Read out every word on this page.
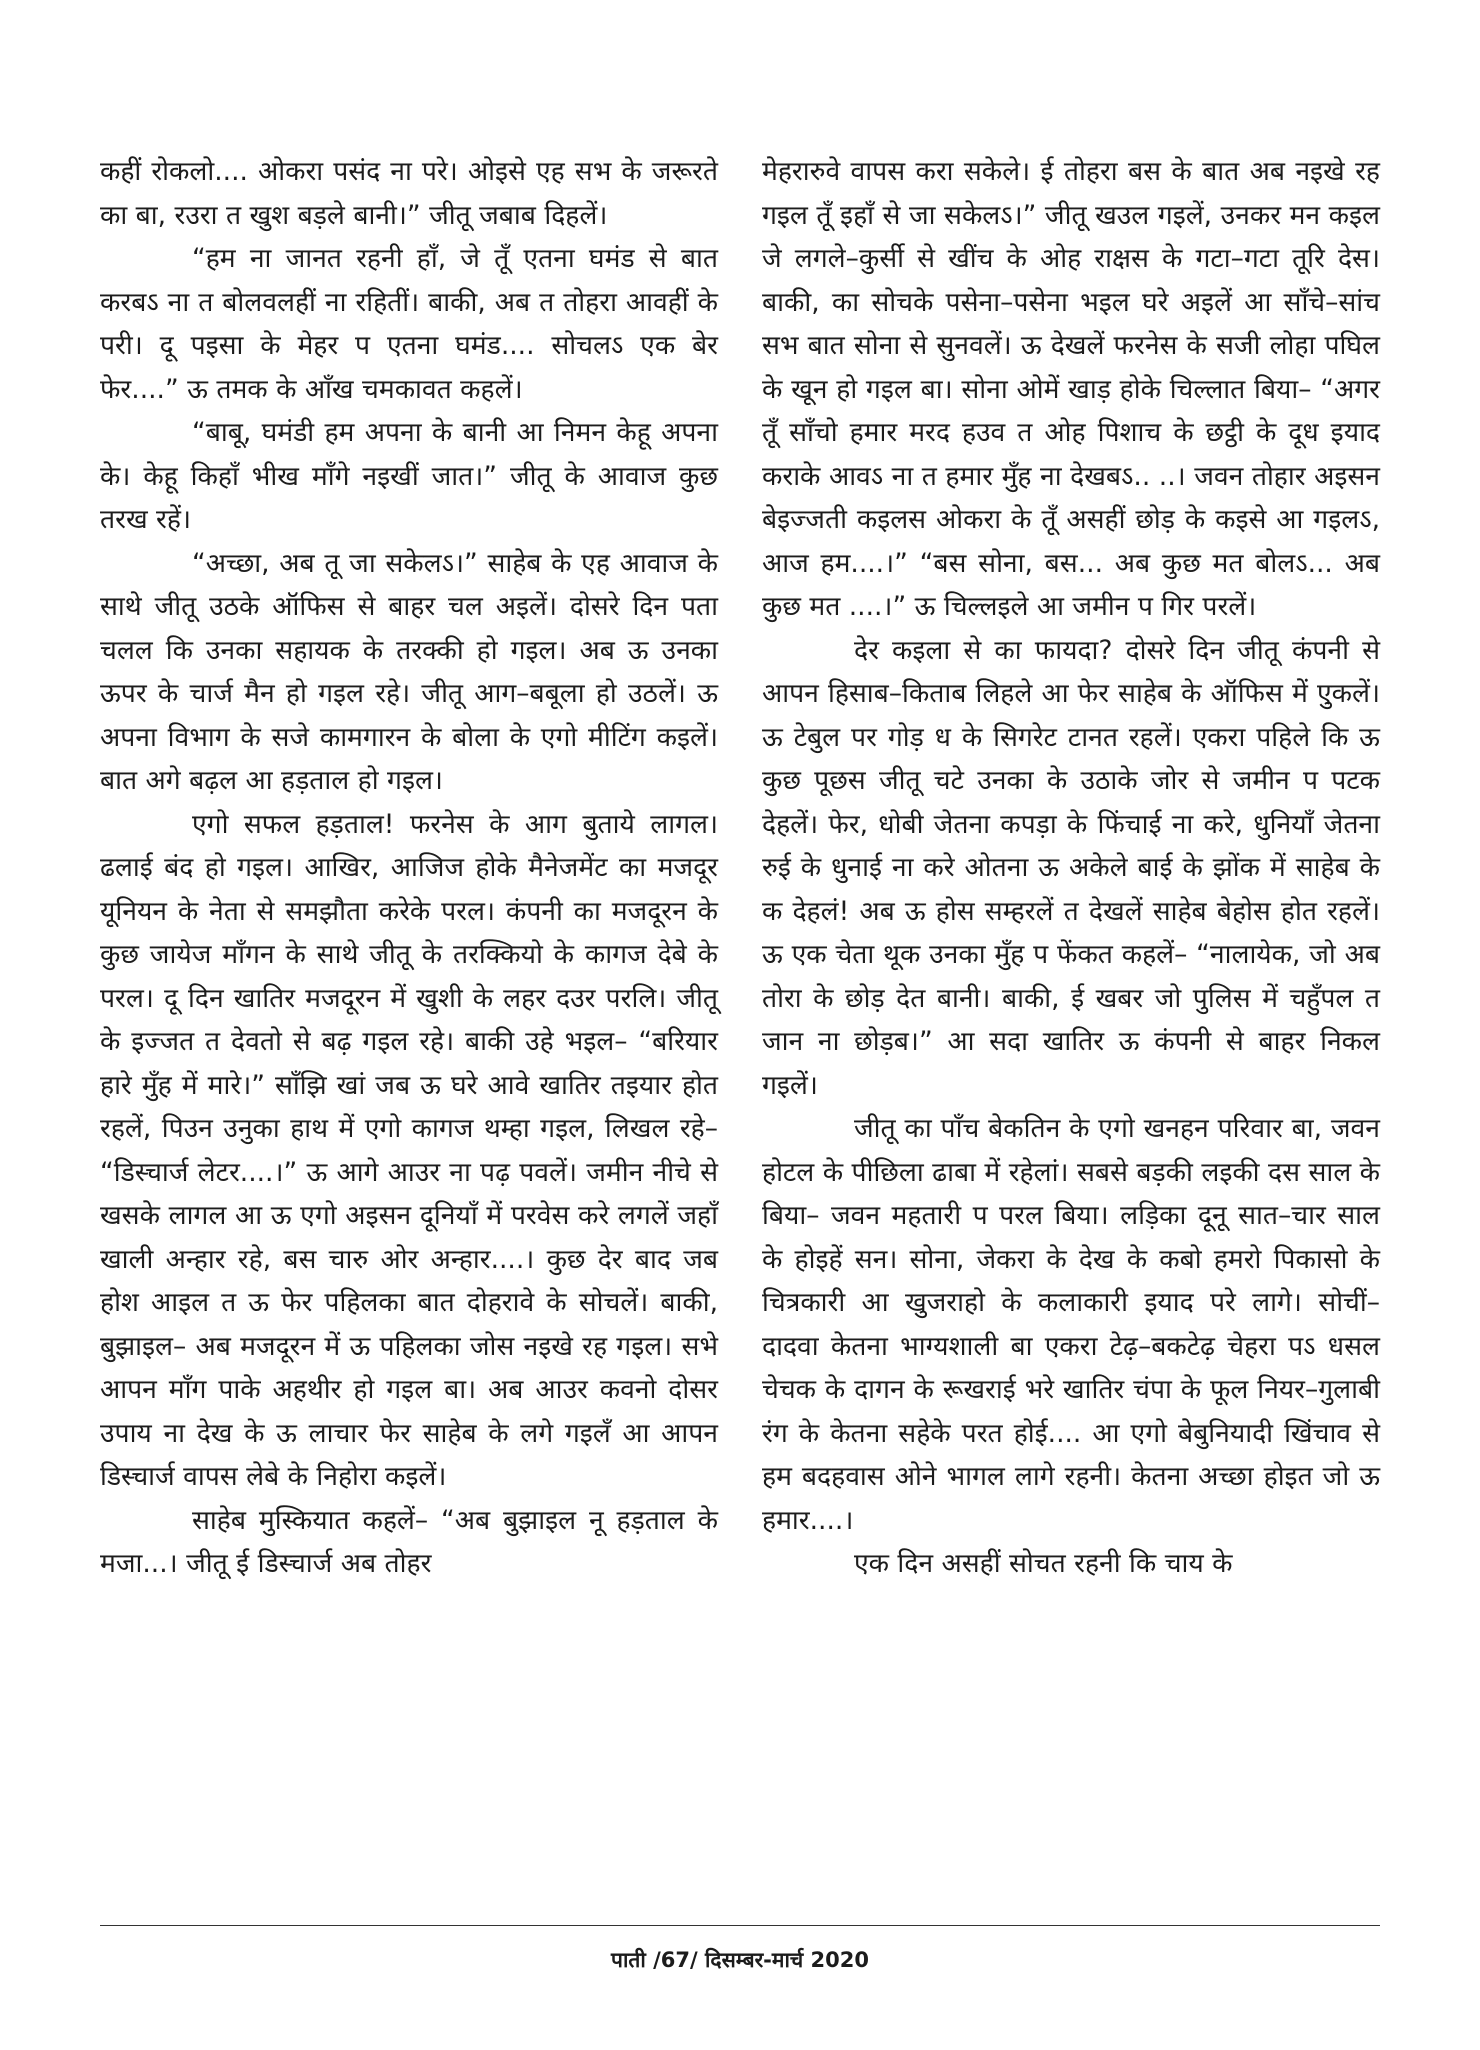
कहीं रोकलो.... ओकरा पसंद ना परे। ओइसे एह सभ के जरूरते का बा, रउरा त खुश बड़ले बानी।” जीतू जबाब दिहलें।

“हम ना जानत रहनी हाँ, जे तूँ एतना घमंड से बात करबऽ ना त बोलवलहीं ना रहितीं। बाकी, अब त तोहरा आवहीं के परी। दू पइसा के मेहर प एतना घमंड.... सोचलऽ एक बेर फेर....” ऊ तमक के आँख चमकावत कहलें।

“बाबू, घमंडी हम अपना के बानी आ निमन केहू अपना के। केहू किहाँ भीख माँगे नइखीं जात।” जीतू के आवाज कुछ तरख रहें।

“अच्छा, अब तू जा सकेलऽ।” साहेब के एह आवाज के साथे जीतू उठके ऑफिस से बाहर चल अइलें। दोसरे दिन पता चलल कि उनका सहायक के तरक्की हो गइल। अब ऊ उनका ऊपर के चार्ज मैन हो गइल रहे। जीतू आग–बबूला हो उठलें। ऊ अपना विभाग के सजे कामगारन के बोला के एगो मीटिंग कइलें। बात अगे बढ़ल आ हड़ताल हो गइल।

एगो सफल हड़ताल! फरनेस के आग बुताये लागल। ढलाई बंद हो गइल। आखिर, आजिज होके मैनेजमेंट का मजदूर यूनियन के नेता से समझौता करेके परल। कंपनी का मजदूरन के कुछ जायेज माँगन के साथे जीतू के तरक्कियो के कागज देबे के परल। दू दिन खातिर मजदूरन में खुशी के लहर दउर परलि। जीतू के इज्जत त देवतो से बढ़ गइल रहे। बाकी उहे भइल– “बरियार हारे मुँह में मारे।” साँझि खां जब ऊ घरे आवे खातिर तइयार होत रहलें, पिउन उनुका हाथ में एगो कागज थम्हा गइल, लिखल रहे– “डिस्चार्ज लेटर....।” ऊ आगे आउर ना पढ़ पवलें। जमीन नीचे से खसके लागल आ ऊ एगो अइसन दूनियाँ में परवेस करे लगलें जहाँ खाली अन्हार रहे, बस चारु ओर अन्हार....। कुछ देर बाद जब होश आइल त ऊ फेर पहिलका बात दोहरावे के सोचलें। बाकी, बुझाइल– अब मजदूरन में ऊ पहिलका जोस नइखे रह गइल। सभे आपन माँग पाके अहथीर हो गइल बा। अब आउर कवनो दोसर उपाय ना देख के ऊ लाचार फेर साहेब के लगे गइलँ आ आपन डिस्चार्ज वापस लेबे के निहोरा कइलें।

साहेब मुस्कियात कहलें– “अब बुझाइल नू हड़ताल के मजा...। जीतू ई डिस्चार्ज अब तोहर

मेहरारुवे वापस करा सकेले। ई तोहरा बस के बात अब नइखे रह गइल तूँ इहाँ से जा सकेलऽ।” जीतू खउल गइलें, उनकर मन कइल जे लगले–कुर्सी से खींच के ओह राक्षस के गटा–गटा तूरि देस। बाकी, का सोचके पसेना–पसेना भइल घरे अइलें आ साँचे–सांच सभ बात सोना से सुनवलें। ऊ देखलें फरनेस के सजी लोहा पघिल के खून हो गइल बा। सोना ओमें खाड़ होके चिल्लात बिया– “अगर तूँ साँचो हमार मरद हउव त ओह पिशाच के छट्ठी के दूध इयाद कराके आवऽ ना त हमार मुँह ना देखबऽ.. ..। जवन तोहार अइसन बेइज्जती कइलस ओकरा के तूँ असहीं छोड़ के कइसे आ गइलऽ, आज हम....।” “बस सोना, बस... अब कुछ मत बोलऽ... अब कुछ मत ....।” ऊ चिल्लइले आ जमीन प गिर परलें।

देर कइला से का फायदा? दोसरे दिन जीतू कंपनी से आपन हिसाब–किताब लिहले आ फेर साहेब के ऑफिस में एुकलें। ऊ टेबुल पर गोड़ ध के सिगरेट टानत रहलें। एकरा पहिले कि ऊ कुछ पूछस जीतू चटे उनका के उठाके जोर से जमीन प पटक देहलें। फेर, धोबी जेतना कपड़ा के फिंचाई ना करे, धुनियाँ जेतना रुई के धुनाई ना करे ओतना ऊ अकेले बाई के झोंक में साहेब के क देहलं! अब ऊ होस सम्हरलें त देखलें साहेब बेहोस होत रहलें। ऊ एक चेता थूक उनका मुँह प फेंकत कहलें– “नालायेक, जो अब तोरा के छोड़ देत बानी। बाकी, ई खबर जो पुलिस में चहुँपल त जान ना छोड़ब।” आ सदा खातिर ऊ कंपनी से बाहर निकल गइलें।

जीतू का पाँच बेकतिन के एगो खनहन परिवार बा, जवन होटल के पीछिला ढाबा में रहेलां। सबसे बड़की लइकी दस साल के बिया– जवन महतारी प परल बिया। लड़िका दूनू सात–चार साल के होइहें सन। सोना, जेकरा के देख के कबो हमरो पिकासो के चित्रकारी आ खुजराहो के कलाकारी इयाद परे लागे। सोचीं– दादवा केतना भाग्यशाली बा एकरा टेढ़–बकटेढ़ चेहरा पऽ धसल चेचक के दागन के रूखराई भरे खातिर चंपा के फूल नियर–गुलाबी रंग के केतना सहेके परत होई.... आ एगो बेबुनियादी खिंचाव से हम बदहवास ओने भागल लागे रहनी। केतना अच्छा होइत जो ऊ हमार....।

एक दिन असहीं सोचत रहनी कि चाय के

पाती /67/ दिसम्बर-मार्च 2020
